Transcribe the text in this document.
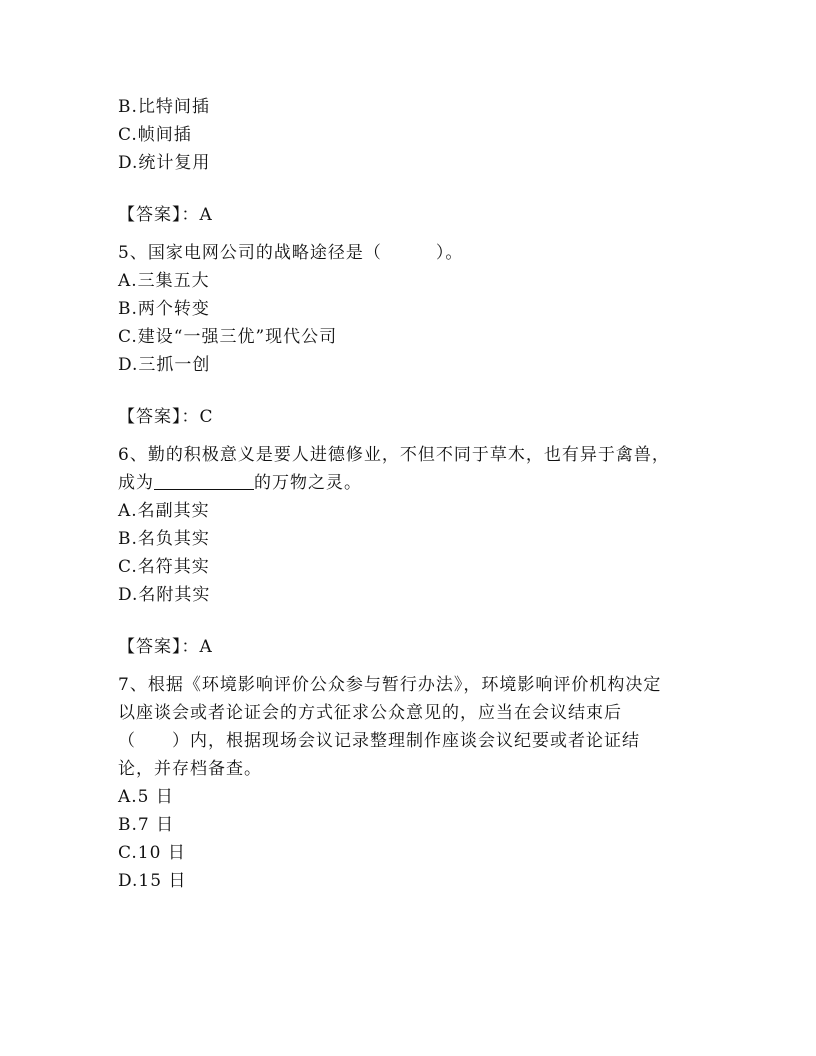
B.比特间插
C.帧间插
D.统计复用
【答案】：A
5、国家电网公司的战略途径是（　　　）。
A.三集五大
B.两个转变
C.建设“一强三优”现代公司
D.三抓一创
【答案】：C
6、勤的积极意义是要人进德修业，不但不同于草木，也有异于禽兽，
成为	的万物之灵。
A.名副其实
B.名负其实
C.名符其实
D.名附其实
【答案】：A
7、根据《环境影响评价公众参与暂行办法》，环境影响评价机构决定
以座谈会或者论证会的方式征求公众意见的，应当在会议结束后
（　　）内，根据现场会议记录整理制作座谈会议纪要或者论证结
论，并存档备查。
A.5 日
B.7 日
C.10 日
D.15 日
